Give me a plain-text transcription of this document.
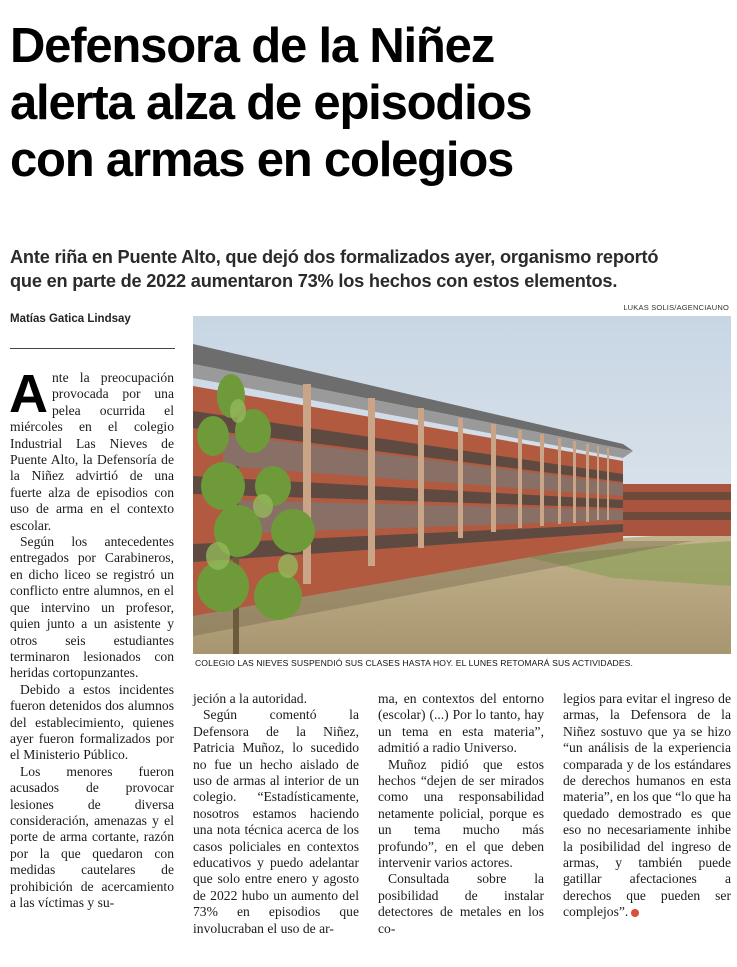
Defensora de la Niñez
alerta alza de episodios
con armas en colegios
Ante riña en Puente Alto, que dejó dos formalizados ayer, organismo reportó
que en parte de 2022 aumentaron 73% los hechos con estos elementos.
Matías Gatica Lindsay
LUKAS SOLIS/AGENCIAUNO

Ante la preocupación provocada por una pelea ocurrida el miércoles en el colegio Industrial Las Nieves de Puente Alto, la Defensoría de la Niñez advirtió de una fuerte alza de episodios con uso de arma en el contexto escolar.

Según los antecedentes entregados por Carabineros, en dicho liceo se registró un conflicto entre alumnos, en el que intervino un profesor, quien junto a un asistente y otros seis estudiantes terminaron lesionados con heridas cortopunzantes.

Debido a estos incidentes fueron detenidos dos alumnos del establecimiento, quienes ayer fueron formalizados por el Ministerio Público.

Los menores fueron acusados de provocar lesiones de diversa consideración, amenazas y el porte de arma cortante, razón por la que quedaron con medidas cautelares de prohibición de acercamiento a las víctimas y su-

COLEGIO LAS NIEVES SUSPENDIÓ SUS CLASES HASTA HOY. EL LUNES RETOMARÁ SUS ACTIVIDADES.

jeción a la autoridad.

Según comentó la Defensora de la Niñez, Patricia Muñoz, lo sucedido no fue un hecho aislado de uso de armas al interior de un colegio. “Estadísticamente, nosotros estamos haciendo una nota técnica acerca de los casos policiales en contextos educativos y puedo adelantar que solo entre enero y agosto de 2022 hubo un aumento del 73% en episodios que involucraban el uso de ar-

ma, en contextos del entorno (escolar) (...) Por lo tanto, hay un tema en esta materia”, admitió a radio Universo.

Muñoz pidió que estos hechos “dejen de ser mirados como una responsabilidad netamente policial, porque es un tema mucho más profundo”, en el que deben intervenir varios actores.

Consultada sobre la posibilidad de instalar detectores de metales en los co-

legios para evitar el ingreso de armas, la Defensora de la Niñez sostuvo que ya se hizo “un análisis de la experiencia comparada y de los estándares de derechos humanos en esta materia”, en los que “lo que ha quedado demostrado es que eso no necesariamente inhibe la posibilidad del ingreso de armas, y también puede gatillar afectaciones a derechos que pueden ser complejos”.
